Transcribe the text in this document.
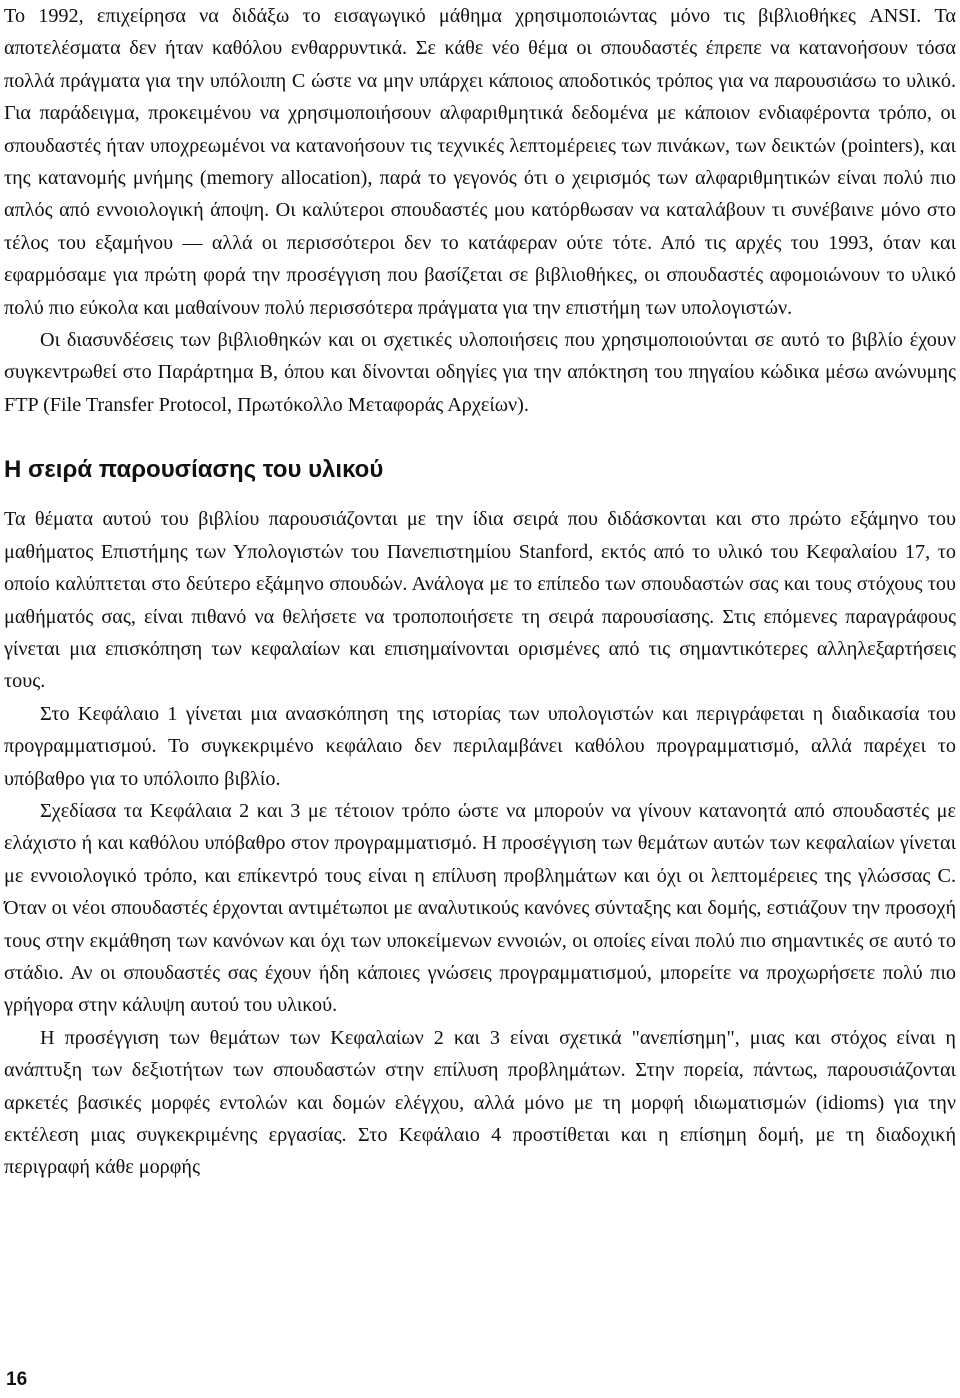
Το 1992, επιχείρησα να διδάξω το εισαγωγικό μάθημα χρησιμοποιώντας μόνο τις βιβλιοθήκες ANSI. Τα αποτελέσματα δεν ήταν καθόλου ενθαρρυντικά. Σε κάθε νέο θέμα οι σπουδαστές έπρεπε να κατανοήσουν τόσα πολλά πράγματα για την υπόλοιπη C ώστε να μην υπάρχει κάποιος αποδοτικός τρόπος για να παρουσιάσω το υλικό. Για παράδειγμα, προκειμένου να χρησιμοποιήσουν αλφαριθμητικά δεδομένα με κάποιον ενδιαφέροντα τρόπο, οι σπουδαστές ήταν υποχρεωμένοι να κατανοήσουν τις τεχνικές λεπτομέρειες των πινάκων, των δεικτών (pointers), και της κατανομής μνήμης (memory allocation), παρά το γεγονός ότι ο χειρισμός των αλφαριθμητικών είναι πολύ πιο απλός από εννοιολογική άποψη. Οι καλύτεροι σπουδαστές μου κατόρθωσαν να καταλάβουν τι συνέβαινε μόνο στο τέλος του εξαμήνου — αλλά οι περισσότεροι δεν το κατάφεραν ούτε τότε. Από τις αρχές του 1993, όταν και εφαρμόσαμε για πρώτη φορά την προσέγγιση που βασίζεται σε βιβλιοθήκες, οι σπουδαστές αφομοιώνουν το υλικό πολύ πιο εύκολα και μαθαίνουν πολύ περισσότερα πράγματα για την επιστήμη των υπολογιστών.

Οι διασυνδέσεις των βιβλιοθηκών και οι σχετικές υλοποιήσεις που χρησιμοποιούνται σε αυτό το βιβλίο έχουν συγκεντρωθεί στο Παράρτημα Β, όπου και δίνονται οδηγίες για την απόκτηση του πηγαίου κώδικα μέσω ανώνυμης FTP (File Transfer Protocol, Πρωτόκολλο Μεταφοράς Αρχείων).

Η σειρά παρουσίασης του υλικού

Τα θέματα αυτού του βιβλίου παρουσιάζονται με την ίδια σειρά που διδάσκονται και στο πρώτο εξάμηνο του μαθήματος Επιστήμης των Υπολογιστών του Πανεπιστημίου Stanford, εκτός από το υλικό του Κεφαλαίου 17, το οποίο καλύπτεται στο δεύτερο εξάμηνο σπουδών. Ανάλογα με το επίπεδο των σπουδαστών σας και τους στόχους του μαθήματός σας, είναι πιθανό να θελήσετε να τροποποιήσετε τη σειρά παρουσίασης. Στις επόμενες παραγράφους γίνεται μια επισκόπηση των κεφαλαίων και επισημαίνονται ορισμένες από τις σημαντικότερες αλληλεξαρτήσεις τους.

Στο Κεφάλαιο 1 γίνεται μια ανασκόπηση της ιστορίας των υπολογιστών και περιγράφεται η διαδικασία του προγραμματισμού. Το συγκεκριμένο κεφάλαιο δεν περιλαμβάνει καθόλου προγραμματισμό, αλλά παρέχει το υπόβαθρο για το υπόλοιπο βιβλίο.

Σχεδίασα τα Κεφάλαια 2 και 3 με τέτοιον τρόπο ώστε να μπορούν να γίνουν κατανοητά από σπουδαστές με ελάχιστο ή και καθόλου υπόβαθρο στον προγραμματισμό. Η προσέγγιση των θεμάτων αυτών των κεφαλαίων γίνεται με εννοιολογικό τρόπο, και επίκεντρό τους είναι η επίλυση προβλημάτων και όχι οι λεπτομέρειες της γλώσσας C. Όταν οι νέοι σπουδαστές έρχονται αντιμέτωποι με αναλυτικούς κανόνες σύνταξης και δομής, εστιάζουν την προσοχή τους στην εκμάθηση των κανόνων και όχι των υποκείμενων εννοιών, οι οποίες είναι πολύ πιο σημαντικές σε αυτό το στάδιο. Αν οι σπουδαστές σας έχουν ήδη κάποιες γνώσεις προγραμματισμού, μπορείτε να προχωρήσετε πολύ πιο γρήγορα στην κάλυψη αυτού του υλικού.

Η προσέγγιση των θεμάτων των Κεφαλαίων 2 και 3 είναι σχετικά "ανεπίσημη", μιας και στόχος είναι η ανάπτυξη των δεξιοτήτων των σπουδαστών στην επίλυση προβλημάτων. Στην πορεία, πάντως, παρουσιάζονται αρκετές βασικές μορφές εντολών και δομών ελέγχου, αλλά μόνο με τη μορφή ιδιωματισμών (idioms) για την εκτέλεση μιας συγκεκριμένης εργασίας. Στο Κεφάλαιο 4 προστίθεται και η επίσημη δομή, με τη διαδοχική περιγραφή κάθε μορφής

16
